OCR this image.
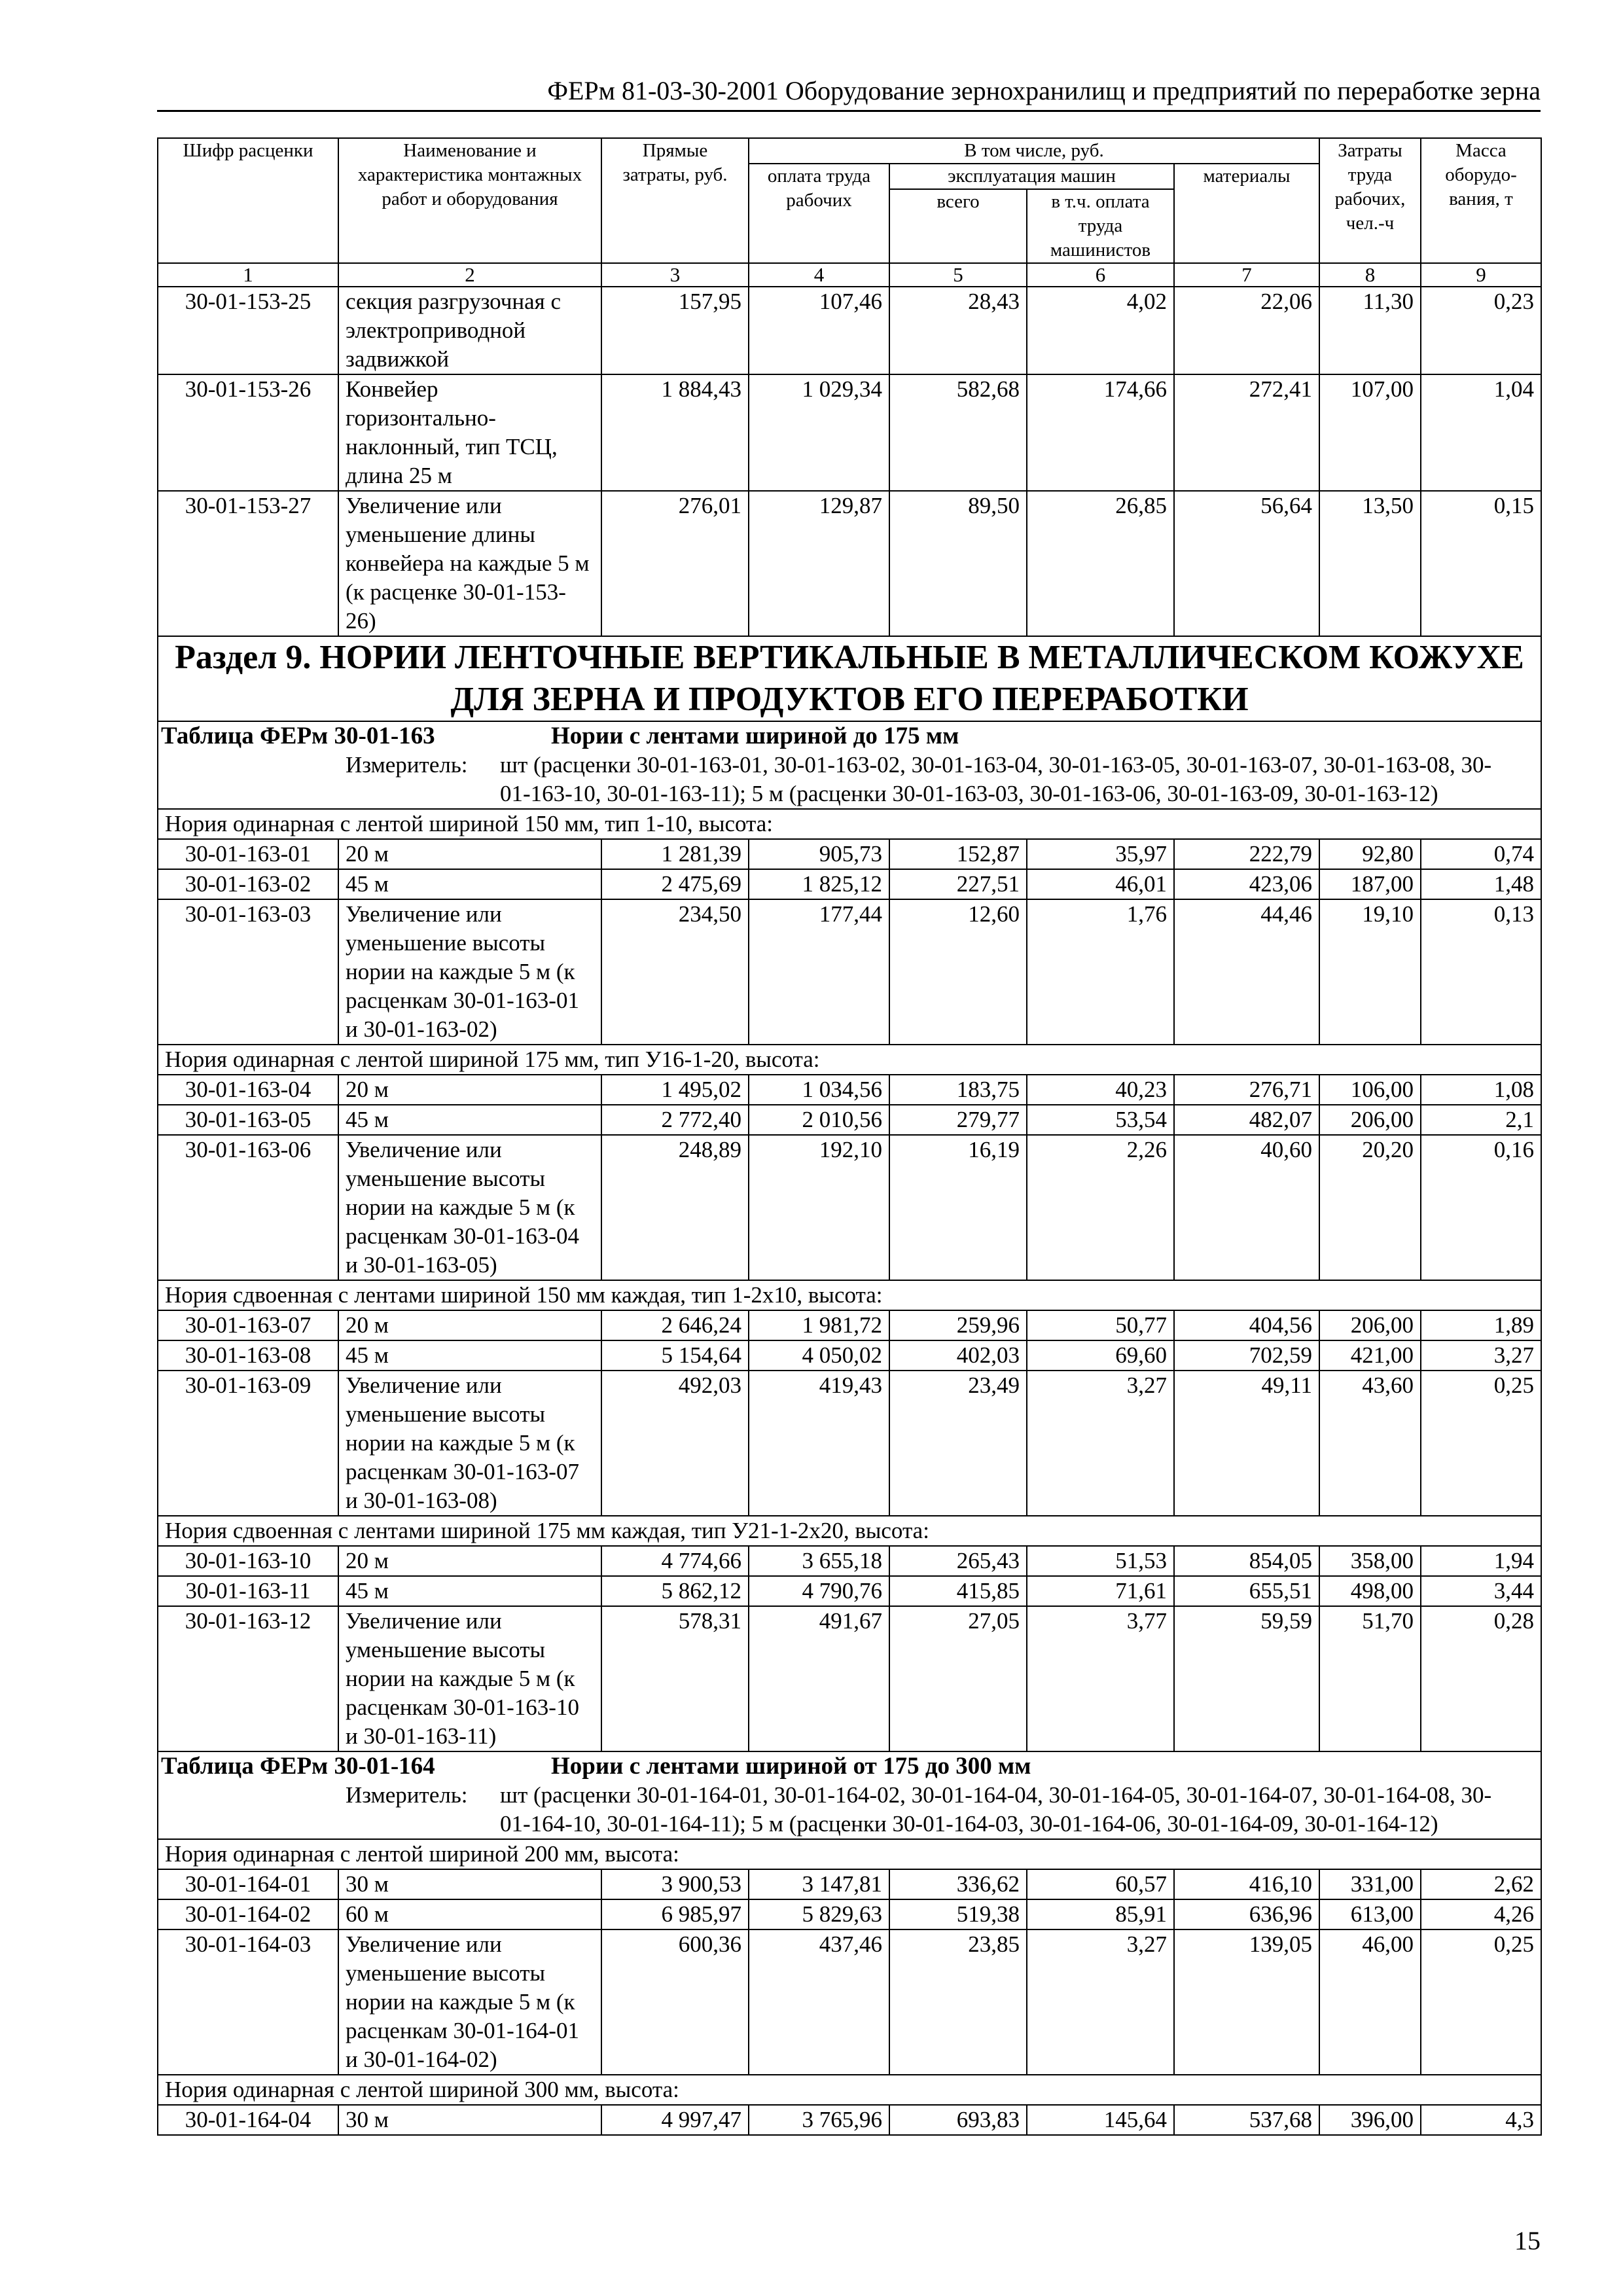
ФЕРм 81-03-30-2001 Оборудование зернохранилищ и предприятий по переработке зерна
Шифр расценки	Наименование и характеристика монтажных работ и оборудования	Прямые затраты, руб.	В том числе, руб.				Затраты труда рабочих, чел.-ч	Масса оборудо-вания, т
			оплата труда рабочих	эксплуатация машин		материалы		
				всего	в т.ч. оплата труда машинистов			
1	2	3	4	5	6	7	8	9
30-01-153-25	секция разгрузочная с электроприводной задвижкой	157,95	107,46	28,43	4,02	22,06	11,30	0,23
30-01-153-26	Конвейер горизонтально-наклонный, тип ТСЦ, длина 25 м	1 884,43	1 029,34	582,68	174,66	272,41	107,00	1,04
30-01-153-27	Увеличение или уменьшение длины конвейера на каждые 5 м (к расценке 30-01-153-26)	276,01	129,87	89,50	26,85	56,64	13,50	0,15
Раздел 9. НОРИИ ЛЕНТОЧНЫЕ ВЕРТИКАЛЬНЫЕ В МЕТАЛЛИЧЕСКОМ КОЖУХЕ ДЛЯ ЗЕРНА И ПРОДУКТОВ ЕГО ПЕРЕРАБОТКИ								
Таблица ФЕРм 30-01-163 Нории с лентами шириной до 175 мм								
Измеритель: шт (расценки 30-01-163-01, 30-01-163-02, 30-01-163-04, 30-01-163-05, 30-01-163-07, 30-01-163-08, 30-01-163-10, 30-01-163-11); 5 м (расценки 30-01-163-03, 30-01-163-06, 30-01-163-09, 30-01-163-12)								
Нория одинарная с лентой шириной 150 мм, тип 1-10, высота:								
30-01-163-01	20 м	1 281,39	905,73	152,87	35,97	222,79	92,80	0,74
30-01-163-02	45 м	2 475,69	1 825,12	227,51	46,01	423,06	187,00	1,48
30-01-163-03	Увеличение или уменьшение высоты нории на каждые 5 м (к расценкам 30-01-163-01 и 30-01-163-02)	234,50	177,44	12,60	1,76	44,46	19,10	0,13
Нория одинарная с лентой шириной 175 мм, тип У16-1-20, высота:								
30-01-163-04	20 м	1 495,02	1 034,56	183,75	40,23	276,71	106,00	1,08
30-01-163-05	45 м	2 772,40	2 010,56	279,77	53,54	482,07	206,00	2,1
30-01-163-06	Увеличение или уменьшение высоты нории на каждые 5 м (к расценкам 30-01-163-04 и 30-01-163-05)	248,89	192,10	16,19	2,26	40,60	20,20	0,16
Нория сдвоенная с лентами шириной 150 мм каждая, тип 1-2х10, высота:								
30-01-163-07	20 м	2 646,24	1 981,72	259,96	50,77	404,56	206,00	1,89
30-01-163-08	45 м	5 154,64	4 050,02	402,03	69,60	702,59	421,00	3,27
30-01-163-09	Увеличение или уменьшение высоты нории на каждые 5 м (к расценкам 30-01-163-07 и 30-01-163-08)	492,03	419,43	23,49	3,27	49,11	43,60	0,25
Нория сдвоенная с лентами шириной 175 мм каждая, тип У21-1-2х20, высота:								
30-01-163-10	20 м	4 774,66	3 655,18	265,43	51,53	854,05	358,00	1,94
30-01-163-11	45 м	5 862,12	4 790,76	415,85	71,61	655,51	498,00	3,44
30-01-163-12	Увеличение или уменьшение высоты нории на каждые 5 м (к расценкам 30-01-163-10 и 30-01-163-11)	578,31	491,67	27,05	3,77	59,59	51,70	0,28
Таблица ФЕРм 30-01-164 Нории с лентами шириной от 175 до 300 мм								
Измеритель: шт (расценки 30-01-164-01, 30-01-164-02, 30-01-164-04, 30-01-164-05, 30-01-164-07, 30-01-164-08, 30-01-164-10, 30-01-164-11); 5 м (расценки 30-01-164-03, 30-01-164-06, 30-01-164-09, 30-01-164-12)								
Нория одинарная с лентой шириной 200 мм, высота:								
30-01-164-01	30 м	3 900,53	3 147,81	336,62	60,57	416,10	331,00	2,62
30-01-164-02	60 м	6 985,97	5 829,63	519,38	85,91	636,96	613,00	4,26
30-01-164-03	Увеличение или уменьшение высоты нории на каждые 5 м (к расценкам 30-01-164-01 и 30-01-164-02)	600,36	437,46	23,85	3,27	139,05	46,00	0,25
Нория одинарная с лентой шириной 300 мм, высота:								
30-01-164-04	30 м	4 997,47	3 765,96	693,83	145,64	537,68	396,00	4,3
15
